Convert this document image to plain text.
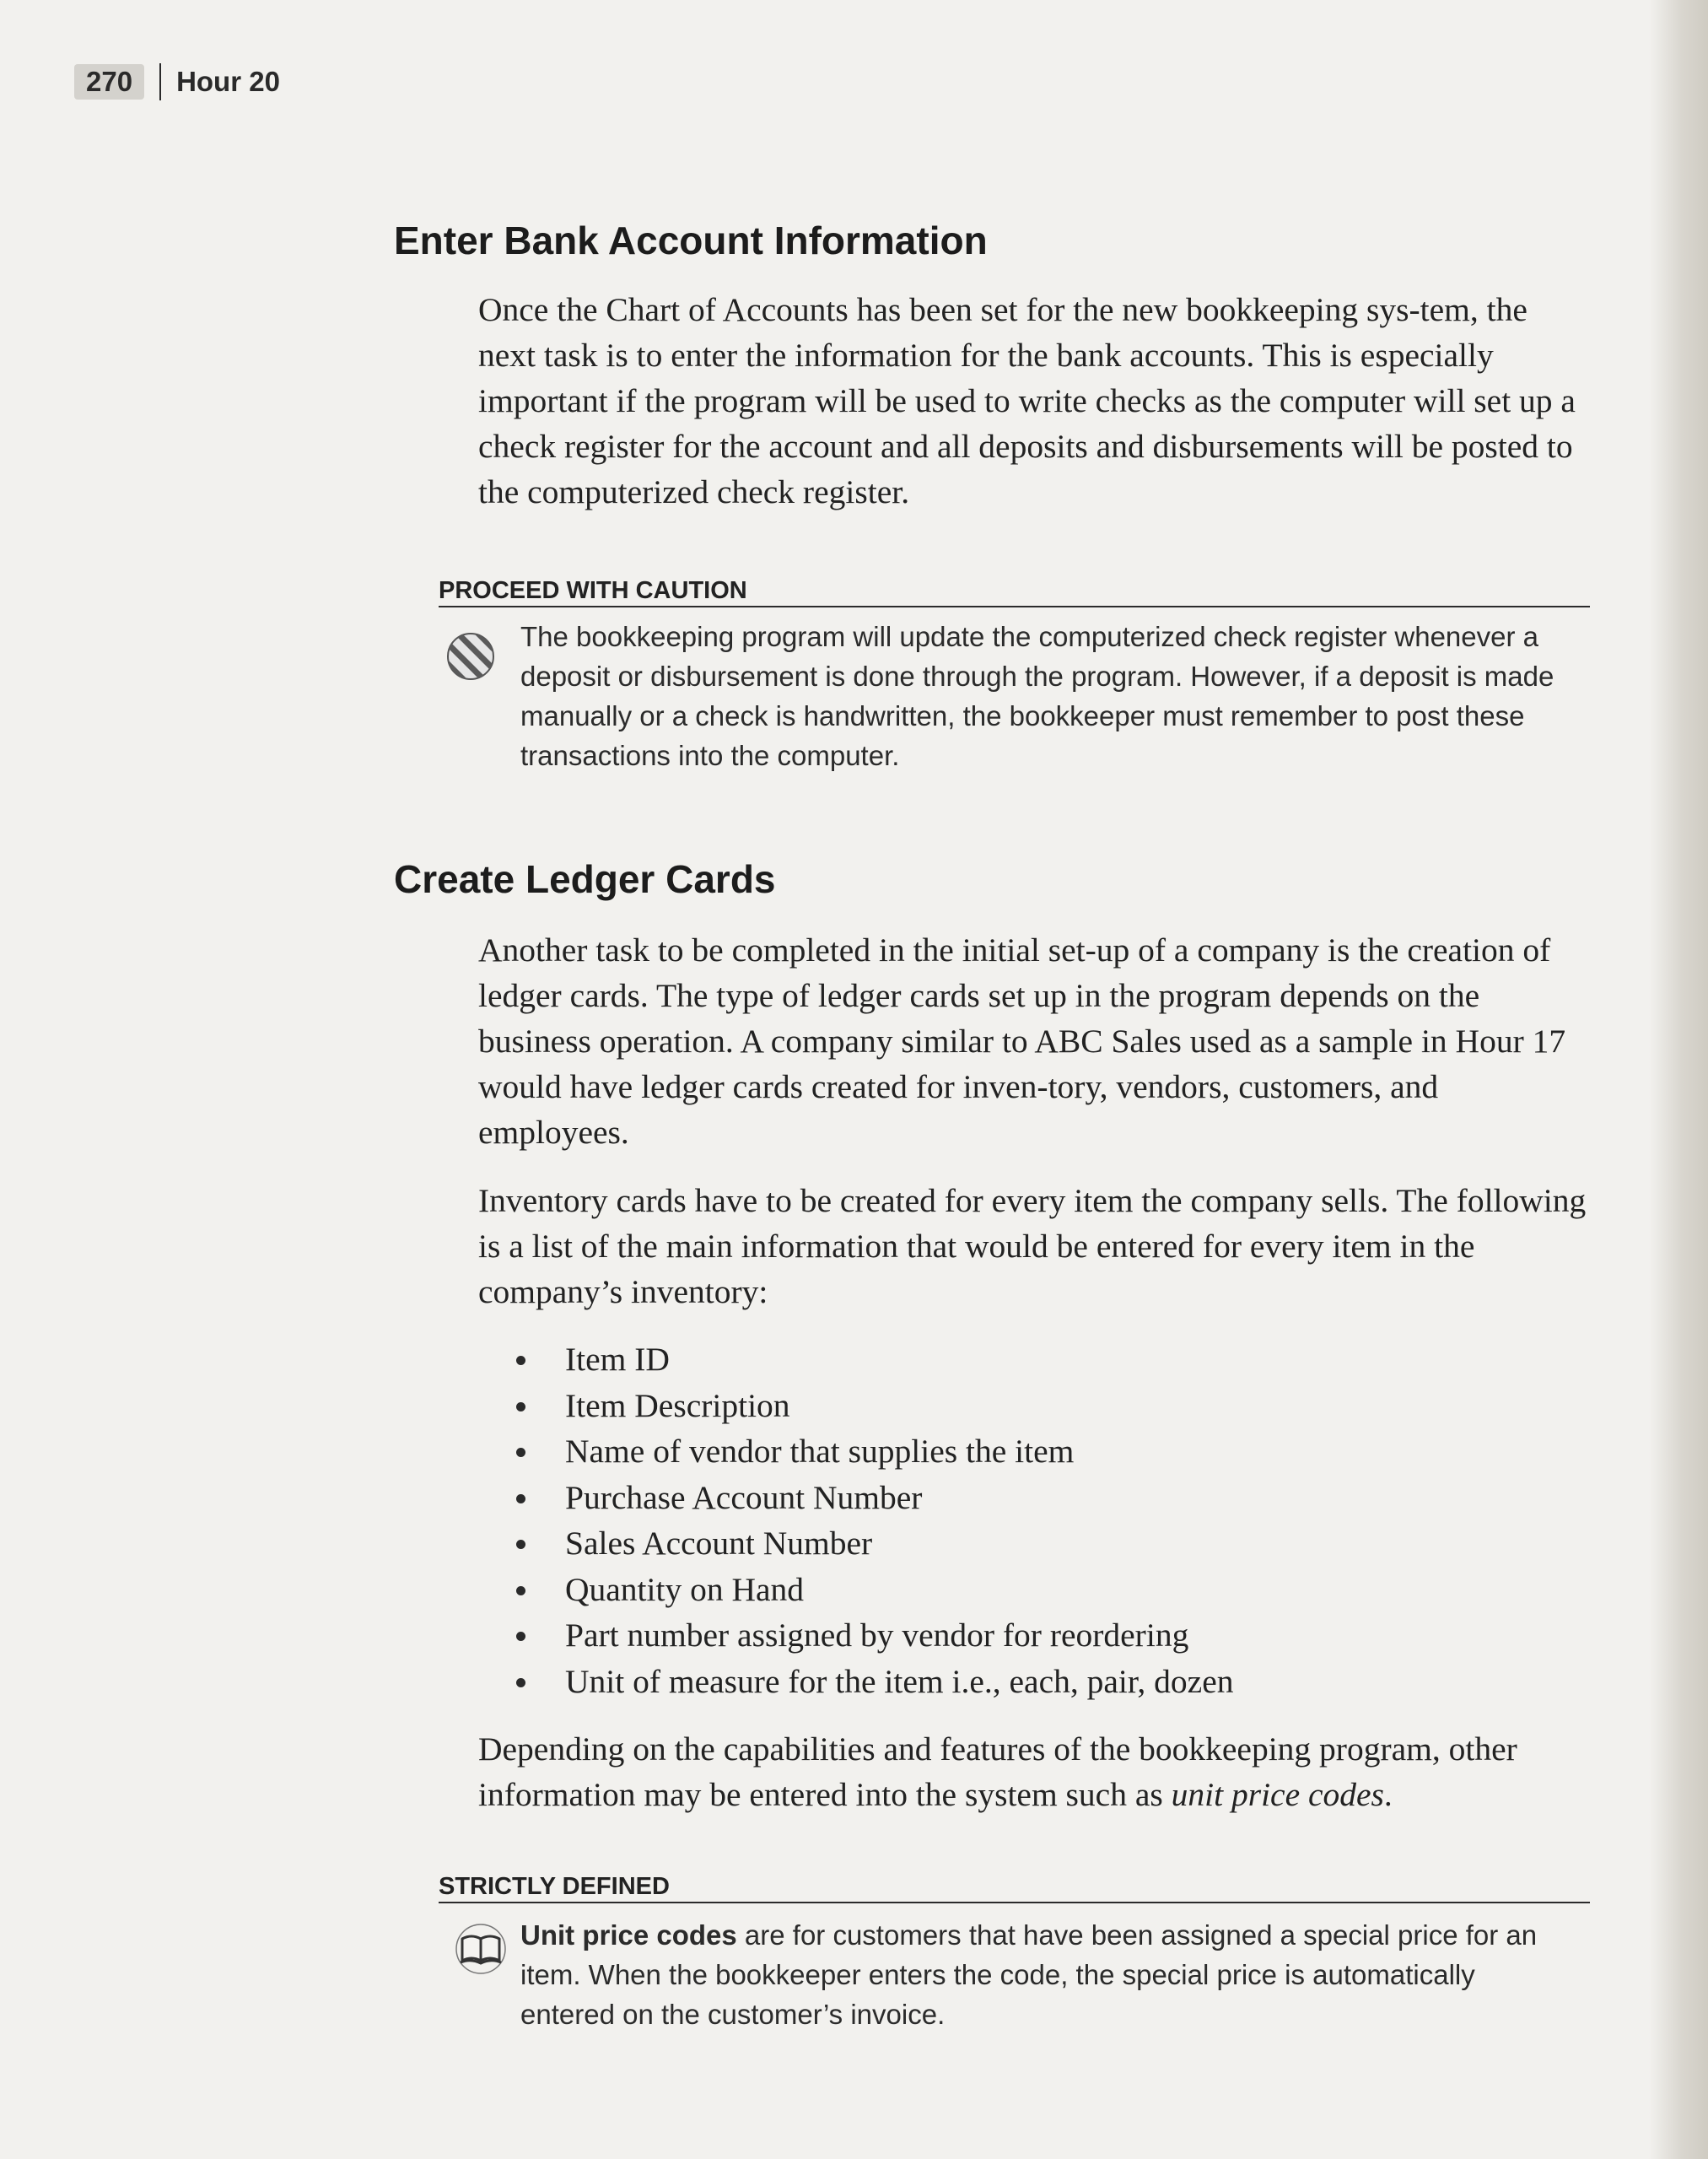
270	Hour 20
Enter Bank Account Information

Once the Chart of Accounts has been set for the new bookkeeping sys-tem, the next task is to enter the information for the bank accounts. This is especially important if the program will be used to write checks as the computer will set up a check register for the account and all deposits and disbursements will be posted to the computerized check register.

PROCEED WITH CAUTION

The bookkeeping program will update the computerized check register whenever a deposit or disbursement is done through the program. However, if a deposit is made manually or a check is handwritten, the bookkeeper must remember to post these transactions into the computer.

Create Ledger Cards

Another task to be completed in the initial set-up of a company is the creation of ledger cards. The type of ledger cards set up in the program depends on the business operation. A company similar to ABC Sales used as a sample in Hour 17 would have ledger cards created for inven-tory, vendors, customers, and employees.

Inventory cards have to be created for every item the company sells. The following is a list of the main information that would be entered for every item in the company’s inventory:

Item ID
Item Description
Name of vendor that supplies the item
Purchase Account Number
Sales Account Number
Quantity on Hand
Part number assigned by vendor for reordering
Unit of measure for the item i.e., each, pair, dozen

Depending on the capabilities and features of the bookkeeping program, other information may be entered into the system such as unit price codes.

STRICTLY DEFINED

Unit price codes are for customers that have been assigned a special price for an item. When the bookkeeper enters the code, the special price is automatically entered on the customer’s invoice.
